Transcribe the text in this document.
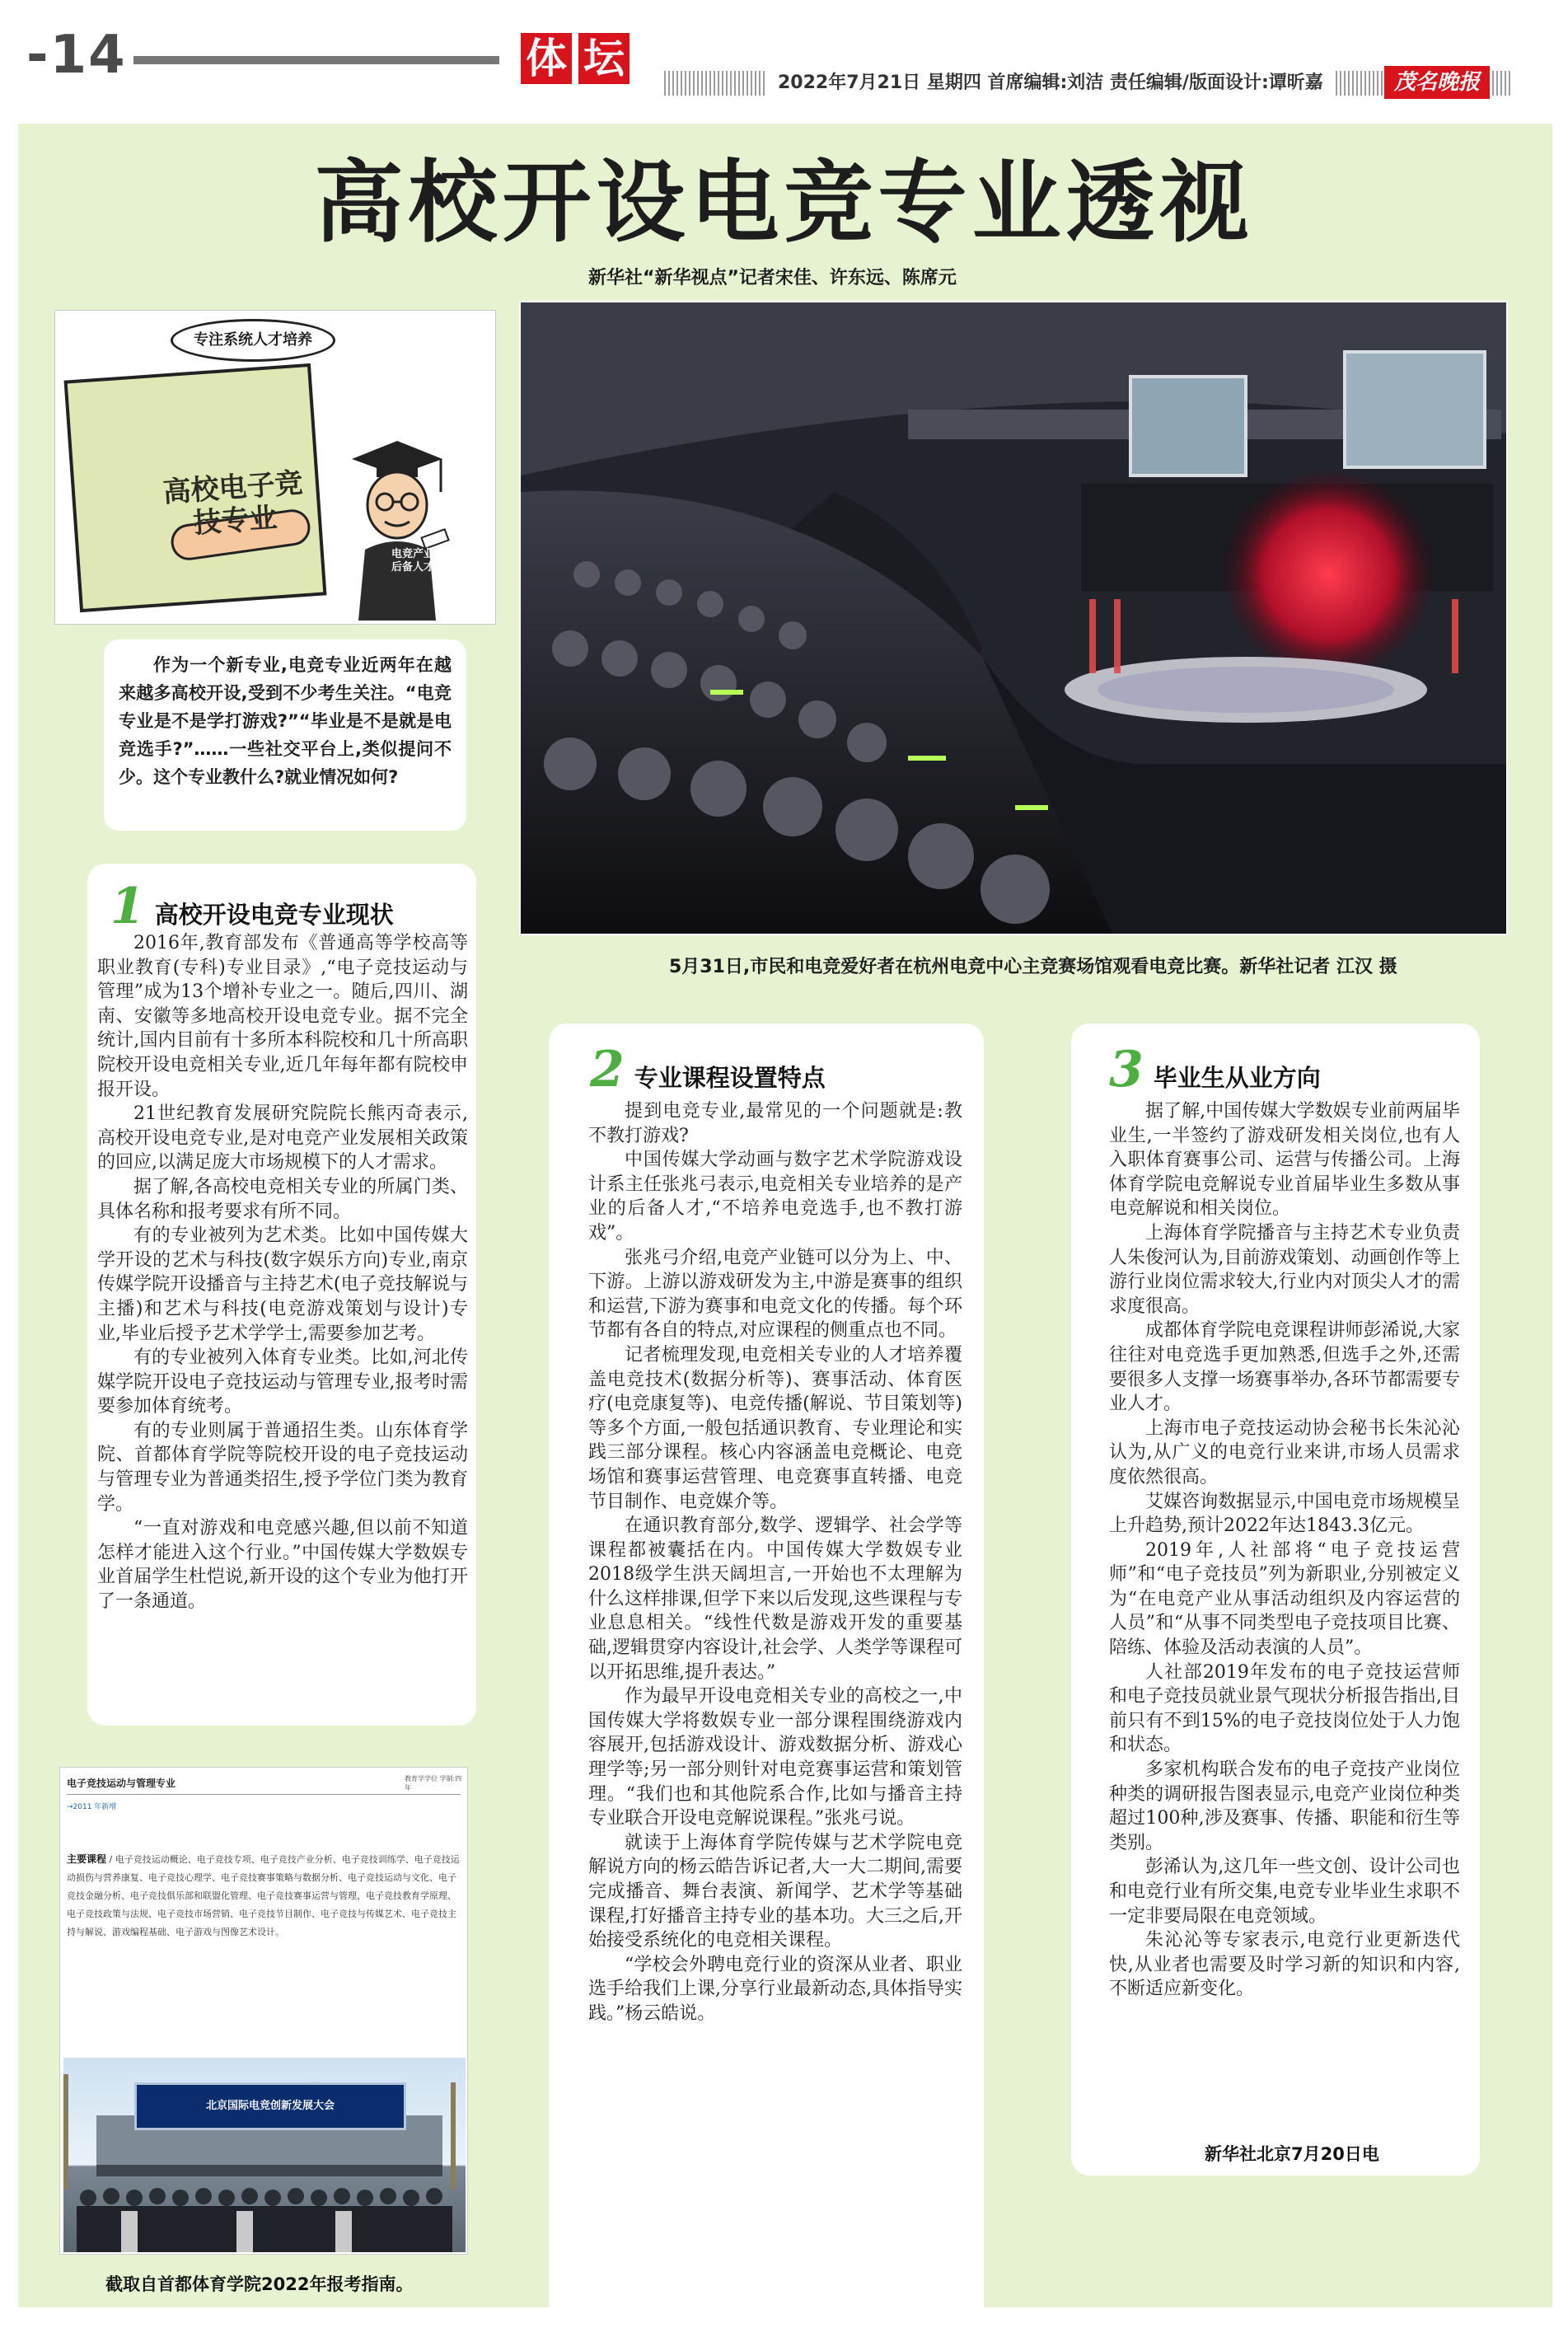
-14	体 坛
2022年7月21日 星期四 首席编辑:刘洁 责任编辑/版面设计:谭昕嘉	茂名晚报
高校开设电竞专业透视
新华社“新华视点”记者宋佳、许东远、陈席元
专注系统人才培养
高校电子竞技专业
电竞产业后备人才

作为一个新专业,电竞专业近两年在越来越多高校开设,受到不少考生关注。“电竞专业是不是学打游戏?”“毕业是不是就是电竞选手?”……一些社交平台上,类似提问不少。这个专业教什么?就业情况如何?

5月31日,市民和电竞爱好者在杭州电竞中心主竞赛场馆观看电竞比赛。新华社记者 江汉 摄
1 高校开设电竞专业现状

2016年,教育部发布《普通高等学校高等职业教育(专科)专业目录》,“电子竞技运动与管理”成为13个增补专业之一。随后,四川、湖南、安徽等多地高校开设电竞专业。据不完全统计,国内目前有十多所本科院校和几十所高职院校开设电竞相关专业,近几年每年都有院校申报开设。

21世纪教育发展研究院院长熊丙奇表示,高校开设电竞专业,是对电竞产业发展相关政策的回应,以满足庞大市场规模下的人才需求。

据了解,各高校电竞相关专业的所属门类、具体名称和报考要求有所不同。

有的专业被列为艺术类。比如中国传媒大学开设的艺术与科技(数字娱乐方向)专业,南京传媒学院开设播音与主持艺术(电子竞技解说与主播)和艺术与科技(电竞游戏策划与设计)专业,毕业后授予艺术学学士,需要参加艺考。

有的专业被列入体育专业类。比如,河北传媒学院开设电子竞技运动与管理专业,报考时需要参加体育统考。

有的专业则属于普通招生类。山东体育学院、首都体育学院等院校开设的电子竞技运动与管理专业为普通类招生,授予学位门类为教育学。

“一直对游戏和电竞感兴趣,但以前不知道怎样才能进入这个行业。”中国传媒大学数娱专业首届学生杜恺说,新开设的这个专业为他打开了一条通道。

2 专业课程设置特点

提到电竞专业,最常见的一个问题就是:教不教打游戏?

中国传媒大学动画与数字艺术学院游戏设计系主任张兆弓表示,电竞相关专业培养的是产业的后备人才,“不培养电竞选手,也不教打游戏”。

张兆弓介绍,电竞产业链可以分为上、中、下游。上游以游戏研发为主,中游是赛事的组织和运营,下游为赛事和电竞文化的传播。每个环节都有各自的特点,对应课程的侧重点也不同。

记者梳理发现,电竞相关专业的人才培养覆盖电竞技术(数据分析等)、赛事活动、体育医疗(电竞康复等)、电竞传播(解说、节目策划等)等多个方面,一般包括通识教育、专业理论和实践三部分课程。核心内容涵盖电竞概论、电竞场馆和赛事运营管理、电竞赛事直转播、电竞节目制作、电竞媒介等。

在通识教育部分,数学、逻辑学、社会学等课程都被囊括在内。中国传媒大学数娱专业2018级学生洪天阔坦言,一开始也不太理解为什么这样排课,但学下来以后发现,这些课程与专业息息相关。“线性代数是游戏开发的重要基础,逻辑贯穿内容设计,社会学、人类学等课程可以开拓思维,提升表达。”

作为最早开设电竞相关专业的高校之一,中国传媒大学将数娱专业一部分课程围绕游戏内容展开,包括游戏设计、游戏数据分析、游戏心理学等;另一部分则针对电竞赛事运营和策划管理。“我们也和其他院系合作,比如与播音主持专业联合开设电竞解说课程。”张兆弓说。

就读于上海体育学院传媒与艺术学院电竞解说方向的杨云皓告诉记者,大一大二期间,需要完成播音、舞台表演、新闻学、艺术学等基础课程,打好播音主持专业的基本功。大三之后,开始接受系统化的电竞相关课程。

“学校会外聘电竞行业的资深从业者、职业选手给我们上课,分享行业最新动态,具体指导实践。”杨云皓说。

3 毕业生从业方向

据了解,中国传媒大学数娱专业前两届毕业生,一半签约了游戏研发相关岗位,也有人入职体育赛事公司、运营与传播公司。上海体育学院电竞解说专业首届毕业生多数从事电竞解说和相关岗位。

上海体育学院播音与主持艺术专业负责人朱俊河认为,目前游戏策划、动画创作等上游行业岗位需求较大,行业内对顶尖人才的需求度很高。

成都体育学院电竞课程讲师彭浠说,大家往往对电竞选手更加熟悉,但选手之外,还需要很多人支撑一场赛事举办,各环节都需要专业人才。

上海市电子竞技运动协会秘书长朱沁沁认为,从广义的电竞行业来讲,市场人员需求度依然很高。

艾媒咨询数据显示,中国电竞市场规模呈上升趋势,预计2022年达1843.3亿元。

2019年,人社部将“电子竞技运营师”和“电子竞技员”列为新职业,分别被定义为“在电竞产业从事活动组织及内容运营的人员”和“从事不同类型电子竞技项目比赛、陪练、体验及活动表演的人员”。

人社部2019年发布的电子竞技运营师和电子竞技员就业景气现状分析报告指出,目前只有不到15%的电子竞技岗位处于人力饱和状态。

多家机构联合发布的电子竞技产业岗位种类的调研报告图表显示,电竞产业岗位种类超过100种,涉及赛事、传播、职能和衍生等类别。

彭浠认为,这几年一些文创、设计公司也和电竞行业有所交集,电竞专业毕业生求职不一定非要局限在电竞领域。

朱沁沁等专家表示,电竞行业更新迭代快,从业者也需要及时学习新的知识和内容,不断适应新变化。

新华社北京7月20日电
电子竞技运动与管理专业	教育学学位 学制:四年
→2011 年新增
主要课程 / 电子竞技运动概论、电子竞技专项、电子竞技产业分析、电子竞技训练学、电子竞技运动损伤与营养康复、电子竞技心理学、电子竞技赛事策略与数据分析、电子竞技运动与文化、电子竞技金融分析、电子竞技俱乐部和联盟化管理、电子竞技赛事运营与管理、电子竞技教育学原理、电子竞技政策与法规、电子竞技市场营销、电子竞技节目制作、电子竞技与传媒艺术、电子竞技主持与解说、游戏编程基础、电子游戏与图像艺术设计。
北京国际电竞创新发展大会
截取自首都体育学院2022年报考指南。
